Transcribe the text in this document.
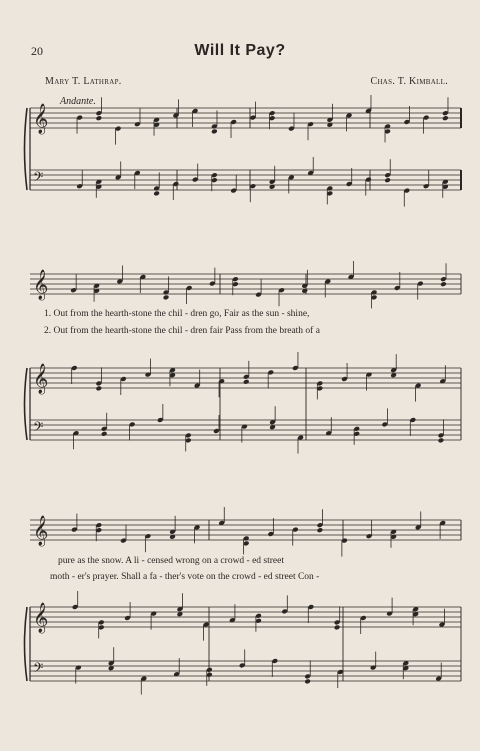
20	Will It Pay?
Mary T. Lathrap.	Chas. T. Kimball.
Andante.
𝄞
𝄢
𝄞
𝄞
𝄢
𝄞
𝄞
𝄢
1. Out from the hearth-stone the chil - dren go, Fair as the sun - shine,
2. Out from the hearth-stone the chil - dren fair Pass from the breath of a
pure as the snow. A li - censed wrong on a crowd - ed street
moth - er's prayer. Shall a fa - ther's vote on the crowd - ed street Con -
